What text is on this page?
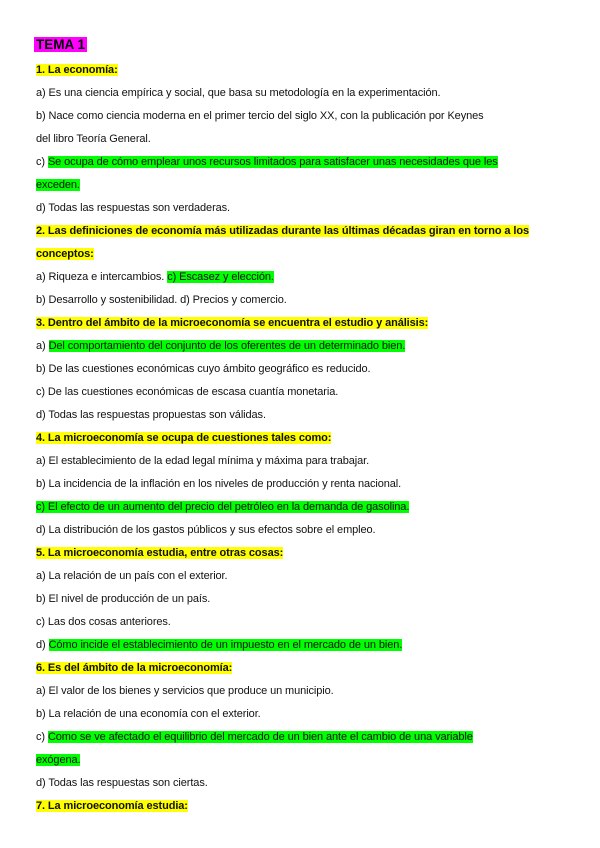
TEMA 1
1. La economía:
a) Es una ciencia empírica y social, que basa su metodología en la experimentación.
b) Nace como ciencia moderna en el primer tercio del siglo XX, con la publicación por Keynes
del libro Teoría General.
c) Se ocupa de cómo emplear unos recursos limitados para satisfacer unas necesidades que les
exceden.
d) Todas las respuestas son verdaderas.
2. Las definiciones de economía más utilizadas durante las últimas décadas giran en torno a los
conceptos:
a) Riqueza e intercambios. c) Escasez y elección.
b) Desarrollo y sostenibilidad. d) Precios y comercio.
3. Dentro del ámbito de la microeconomía se encuentra el estudio y análisis:
a) Del comportamiento del conjunto de los oferentes de un determinado bien.
b) De las cuestiones económicas cuyo ámbito geográfico es reducido.
c) De las cuestiones económicas de escasa cuantía monetaria.
d) Todas las respuestas propuestas son válidas.
4. La microeconomía se ocupa de cuestiones tales como:
a) El establecimiento de la edad legal mínima y máxima para trabajar.
b) La incidencia de la inflación en los niveles de producción y renta nacional.
c) El efecto de un aumento del precio del petróleo en la demanda de gasolina.
d) La distribución de los gastos públicos y sus efectos sobre el empleo.
5. La microeconomía estudia, entre otras cosas:
a) La relación de un país con el exterior.
b) El nivel de producción de un país.
c) Las dos cosas anteriores.
d) Cómo incide el establecimiento de un impuesto en el mercado de un bien.
6. Es del ámbito de la microeconomía:
a) El valor de los bienes y servicios que produce un municipio.
b) La relación de una economía con el exterior.
c) Como se ve afectado el equilibrio del mercado de un bien ante el cambio de una variable
exógena.
d) Todas las respuestas son ciertas.
7. La microeconomía estudia:
